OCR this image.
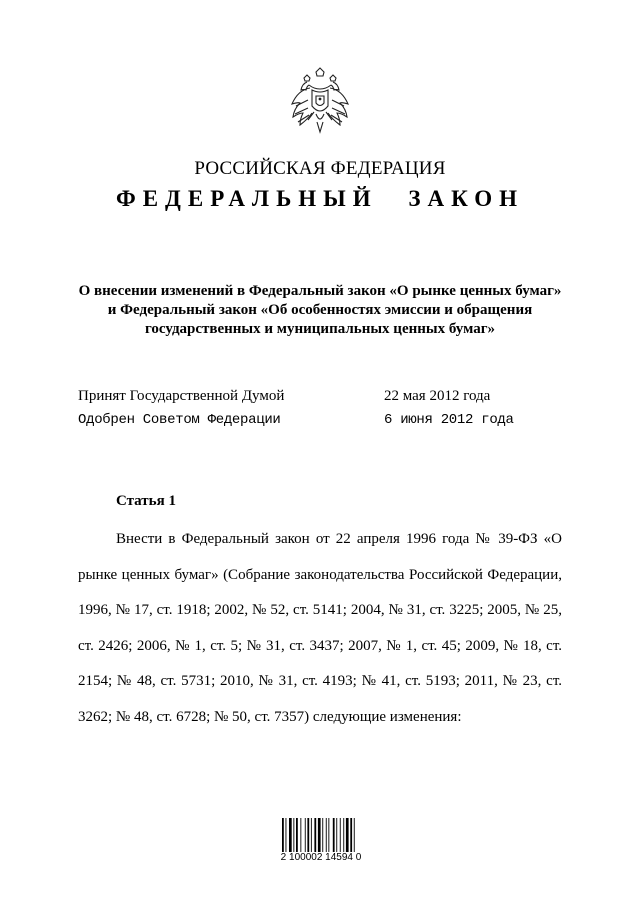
РОССИЙСКАЯ ФЕДЕРАЦИЯ
ФЕДЕРАЛЬНЫЙ ЗАКОН
О внесении изменений в Федеральный закон «О рынке ценных бумаг»
и Федеральный закон «Об особенностях эмиссии и обращения
государственных и муниципальных ценных бумаг»
Принят Государственной Думой	22 мая 2012 года
Одобрен Советом Федерации	6 июня 2012 года
Статья 1

Внести в Федеральный закон от 22 апреля 1996 года № 39-ФЗ «О рынке ценных бумаг» (Собрание законодательства Российской Федерации, 1996, № 17, ст. 1918; 2002, № 52, ст. 5141; 2004, № 31, ст. 3225; 2005, № 25, ст. 2426; 2006, № 1, ст. 5; № 31, ст. 3437; 2007, № 1, ст. 45; 2009, № 18, ст. 2154; № 48, ст. 5731; 2010, № 31, ст. 4193; № 41, ст. 5193; 2011, № 23, ст. 3262; № 48, ст. 6728; № 50, ст. 7357) следующие изменения:

2 100002 14594 0
